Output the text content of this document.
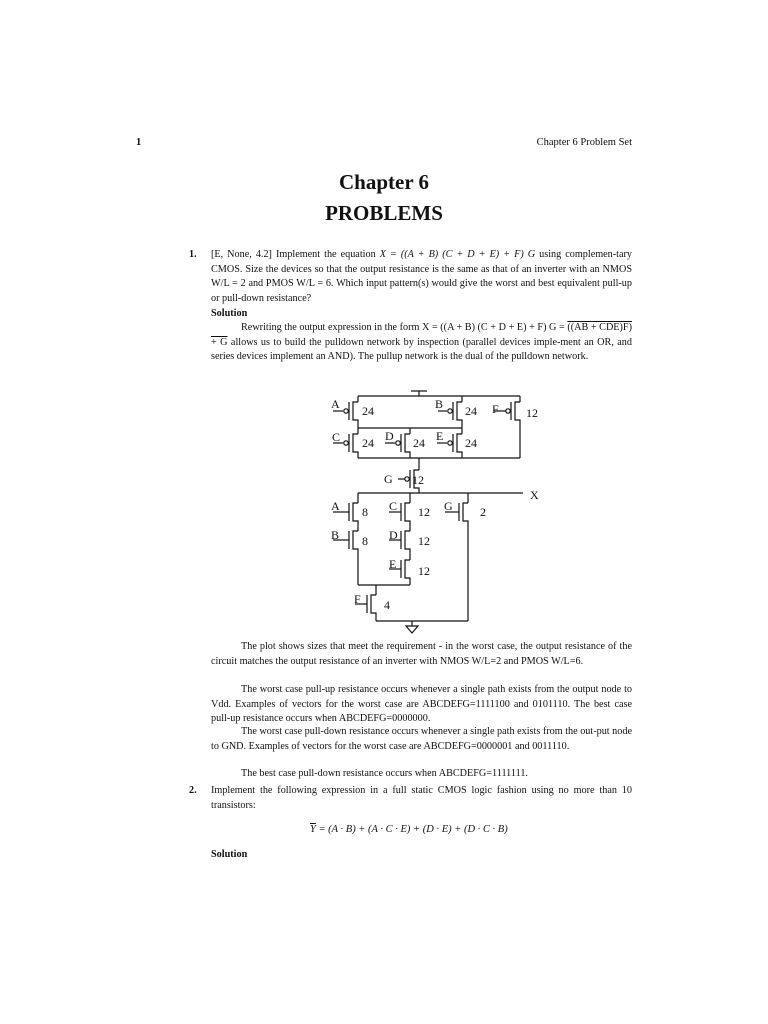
1	Chapter 6 Problem Set
Chapter 6
PROBLEMS
1. [E, None, 4.2] Implement the equation X = ((A + B) (C + D + E) + F) G using complemen-tary CMOS. Size the devices so that the output resistance is the same as that of an inverter with an NMOS W/L = 2 and PMOS W/L = 6. Which input pattern(s) would give the worst and best equivalent pull-up or pull-down resistance?
Solution
Rewriting the output expression in the form X = ((A + B) (C + D + E) + F) G = ((AB + CDE)F) + G allows us to build the pulldown network by inspection (parallel devices imple-ment an OR, and series devices implement an AND). The pullup network is the dual of the pulldown network.
A 24	B 24 F 12
C 24 D 24 E 24
G 12
X
A 8
B 8
C 12
D 12
E 12
G 2
F 4
The plot shows sizes that meet the requirement - in the worst case, the output resistance of the circuit matches the output resistance of an inverter with NMOS W/L=2 and PMOS W/L=6.
The worst case pull-up resistance occurs whenever a single path exists from the output node to Vdd. Examples of vectors for the worst case are ABCDEFG=1111100 and 0101110. The best case pull-up resistance occurs when ABCDEFG=0000000.
The worst case pull-down resistance occurs whenever a single path exists from the out-put node to GND. Examples of vectors for the worst case are ABCDEFG=0000001 and 0011110.
The best case pull-down resistance occurs when ABCDEFG=1111111.
2. Implement the following expression in a full static CMOS logic fashion using no more than 10 transistors:
$\overline{Y} = (A \cdot B) + (A \cdot C \cdot E) + (D \cdot E) + (D \cdot C \cdot B)$
Solution
